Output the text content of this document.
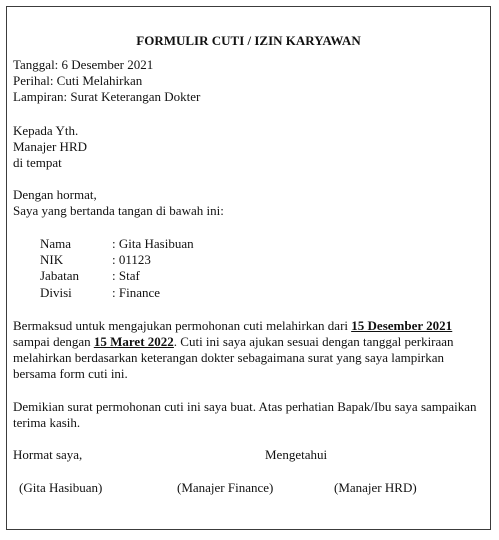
FORMULIR CUTI / IZIN KARYAWAN
Tanggal: 6 Desember 2021
Perihal: Cuti Melahirkan
Lampiran: Surat Keterangan Dokter
Kepada Yth.
Manajer HRD
di tempat
Dengan hormat,
Saya yang bertanda tangan di bawah ini:
Nama	: Gita Hasibuan
NIK	: 01123
Jabatan	: Staf
Divisi	: Finance
Bermaksud untuk mengajukan permohonan cuti melahirkan dari 15 Desember 2021
sampai dengan 15 Maret 2022. Cuti ini saya ajukan sesuai dengan tanggal perkiraan
melahirkan berdasarkan keterangan dokter sebagaimana surat yang saya lampirkan
bersama form cuti ini.
Demikian surat permohonan cuti ini saya buat. Atas perhatian Bapak/Ibu saya sampaikan
terima kasih.
Hormat saya,	Mengetahui
(Gita Hasibuan)	(Manajer Finance)	(Manajer HRD)
